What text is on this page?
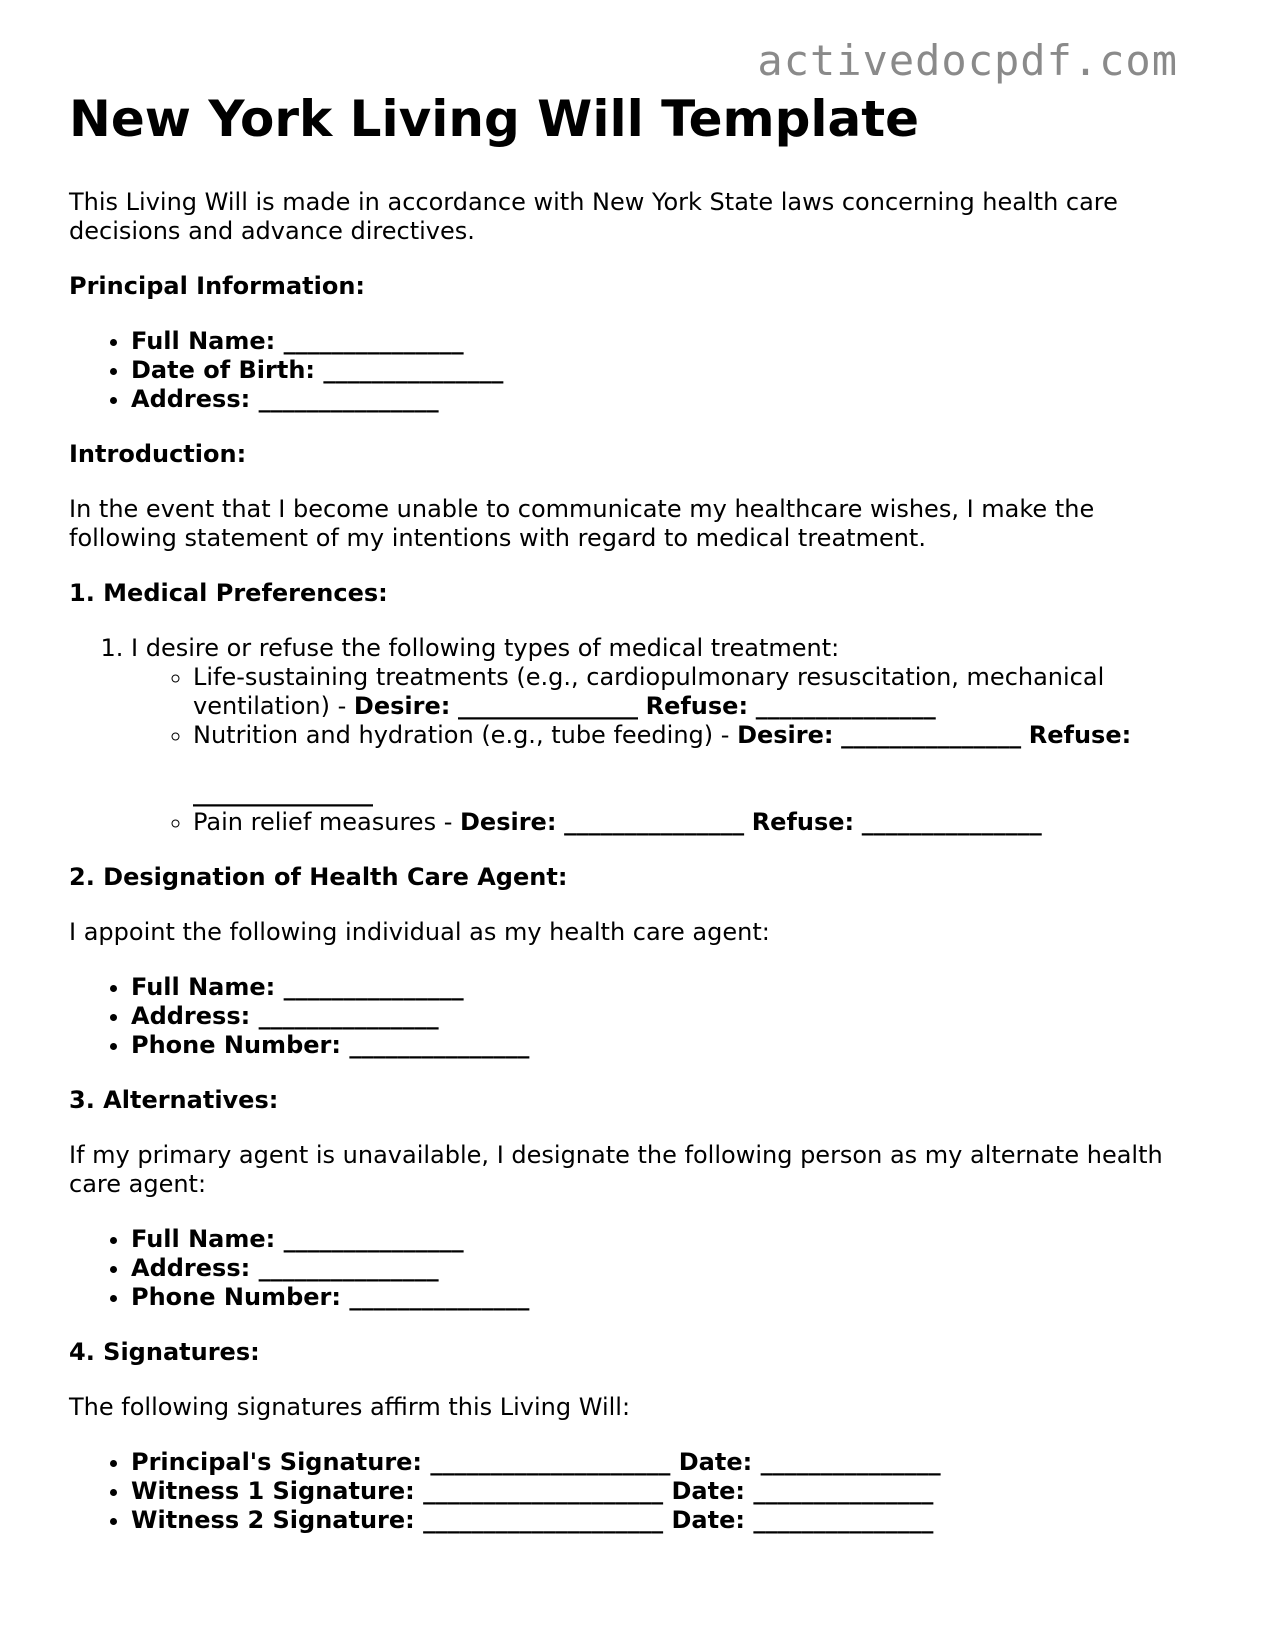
activedocpdf.com
New York Living Will Template

This Living Will is made in accordance with New York State laws concerning health care decisions and advance directives.

Principal Information:

• Full Name: _______________
• Date of Birth: _______________
• Address: _______________

Introduction:

In the event that I become unable to communicate my healthcare wishes, I make the following statement of my intentions with regard to medical treatment.

1. Medical Preferences:

1. I desire or refuse the following types of medical treatment:
◦ Life-sustaining treatments (e.g., cardiopulmonary resuscitation, mechanical ventilation) - Desire: _______________ Refuse: _______________
◦ Nutrition and hydration (e.g., tube feeding) - Desire: _______________ Refuse:

_______________
◦ Pain relief measures - Desire: _______________ Refuse: _______________

2. Designation of Health Care Agent:

I appoint the following individual as my health care agent:

• Full Name: _______________
• Address: _______________
• Phone Number: _______________

3. Alternatives:

If my primary agent is unavailable, I designate the following person as my alternate health care agent:

• Full Name: _______________
• Address: _______________
• Phone Number: _______________

4. Signatures:

The following signatures affirm this Living Will:

• Principal's Signature: ____________________ Date: _______________
• Witness 1 Signature: ____________________ Date: _______________
• Witness 2 Signature: ____________________ Date: _______________
